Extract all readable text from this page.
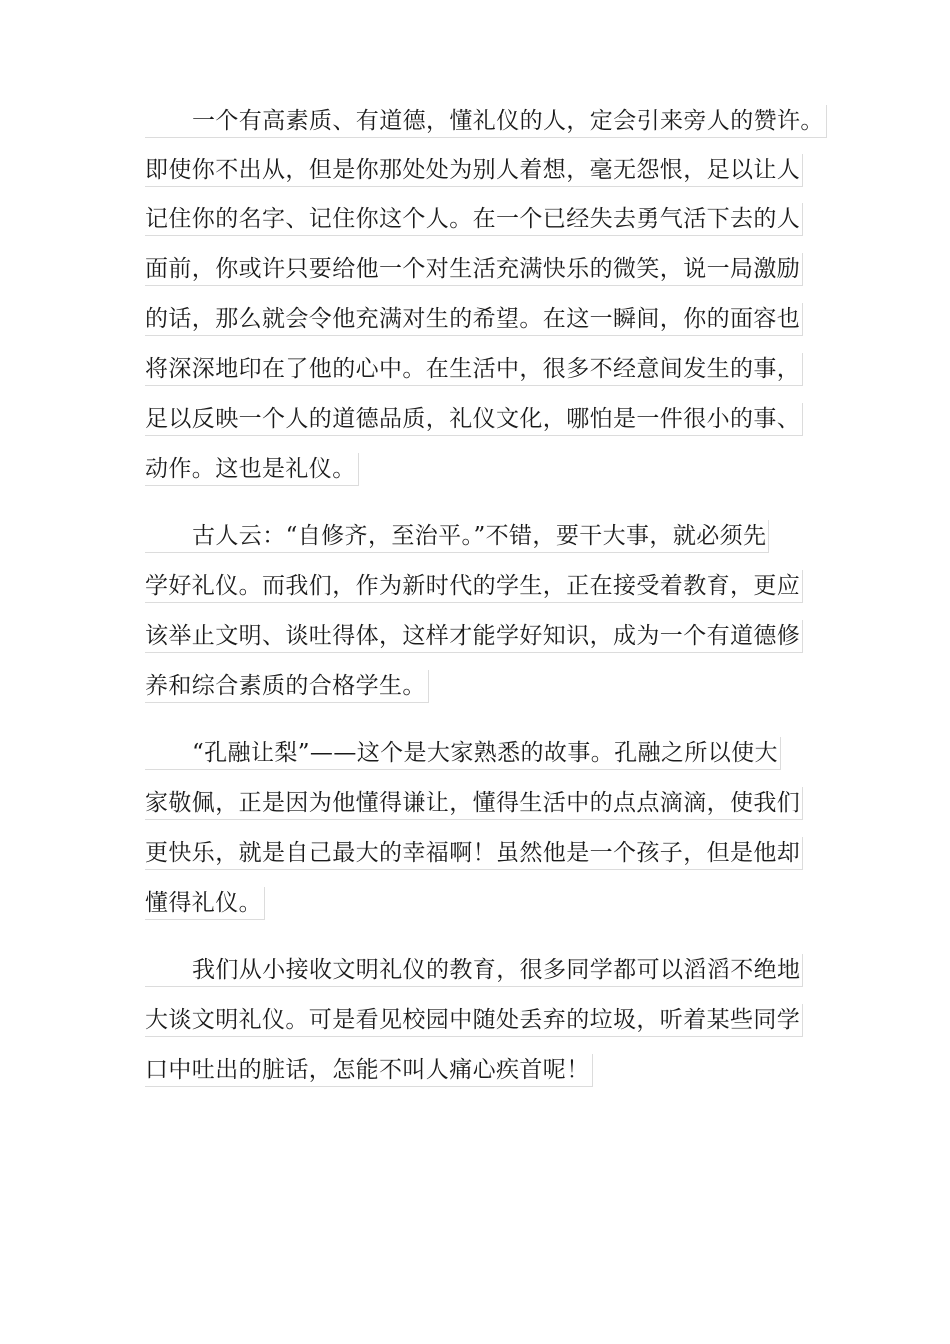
一个有高素质、有道德，懂礼仪的人，定会引来旁人的赞许。
即使你不出从，但是你那处处为别人着想，毫无怨恨，足以让人
记住你的名字、记住你这个人。在一个已经失去勇气活下去的人
面前，你或许只要给他一个对生活充满快乐的微笑，说一局激励
的话，那么就会令他充满对生的希望。在这一瞬间，你的面容也
将深深地印在了他的心中。在生活中，很多不经意间发生的事，
足以反映一个人的道德品质，礼仪文化，哪怕是一件很小的事、
动作。这也是礼仪。
古人云：“自修齐，至治平。”不错，要干大事，就必须先
学好礼仪。而我们，作为新时代的学生，正在接受着教育，更应
该举止文明、谈吐得体，这样才能学好知识，成为一个有道德修
养和综合素质的合格学生。
“孔融让梨”——这个是大家熟悉的故事。孔融之所以使大
家敬佩，正是因为他懂得谦让，懂得生活中的点点滴滴，使我们
更快乐，就是自己最大的幸福啊！虽然他是一个孩子，但是他却
懂得礼仪。
我们从小接收文明礼仪的教育，很多同学都可以滔滔不绝地
大谈文明礼仪。可是看见校园中随处丢弃的垃圾，听着某些同学
口中吐出的脏话，怎能不叫人痛心疾首呢！
